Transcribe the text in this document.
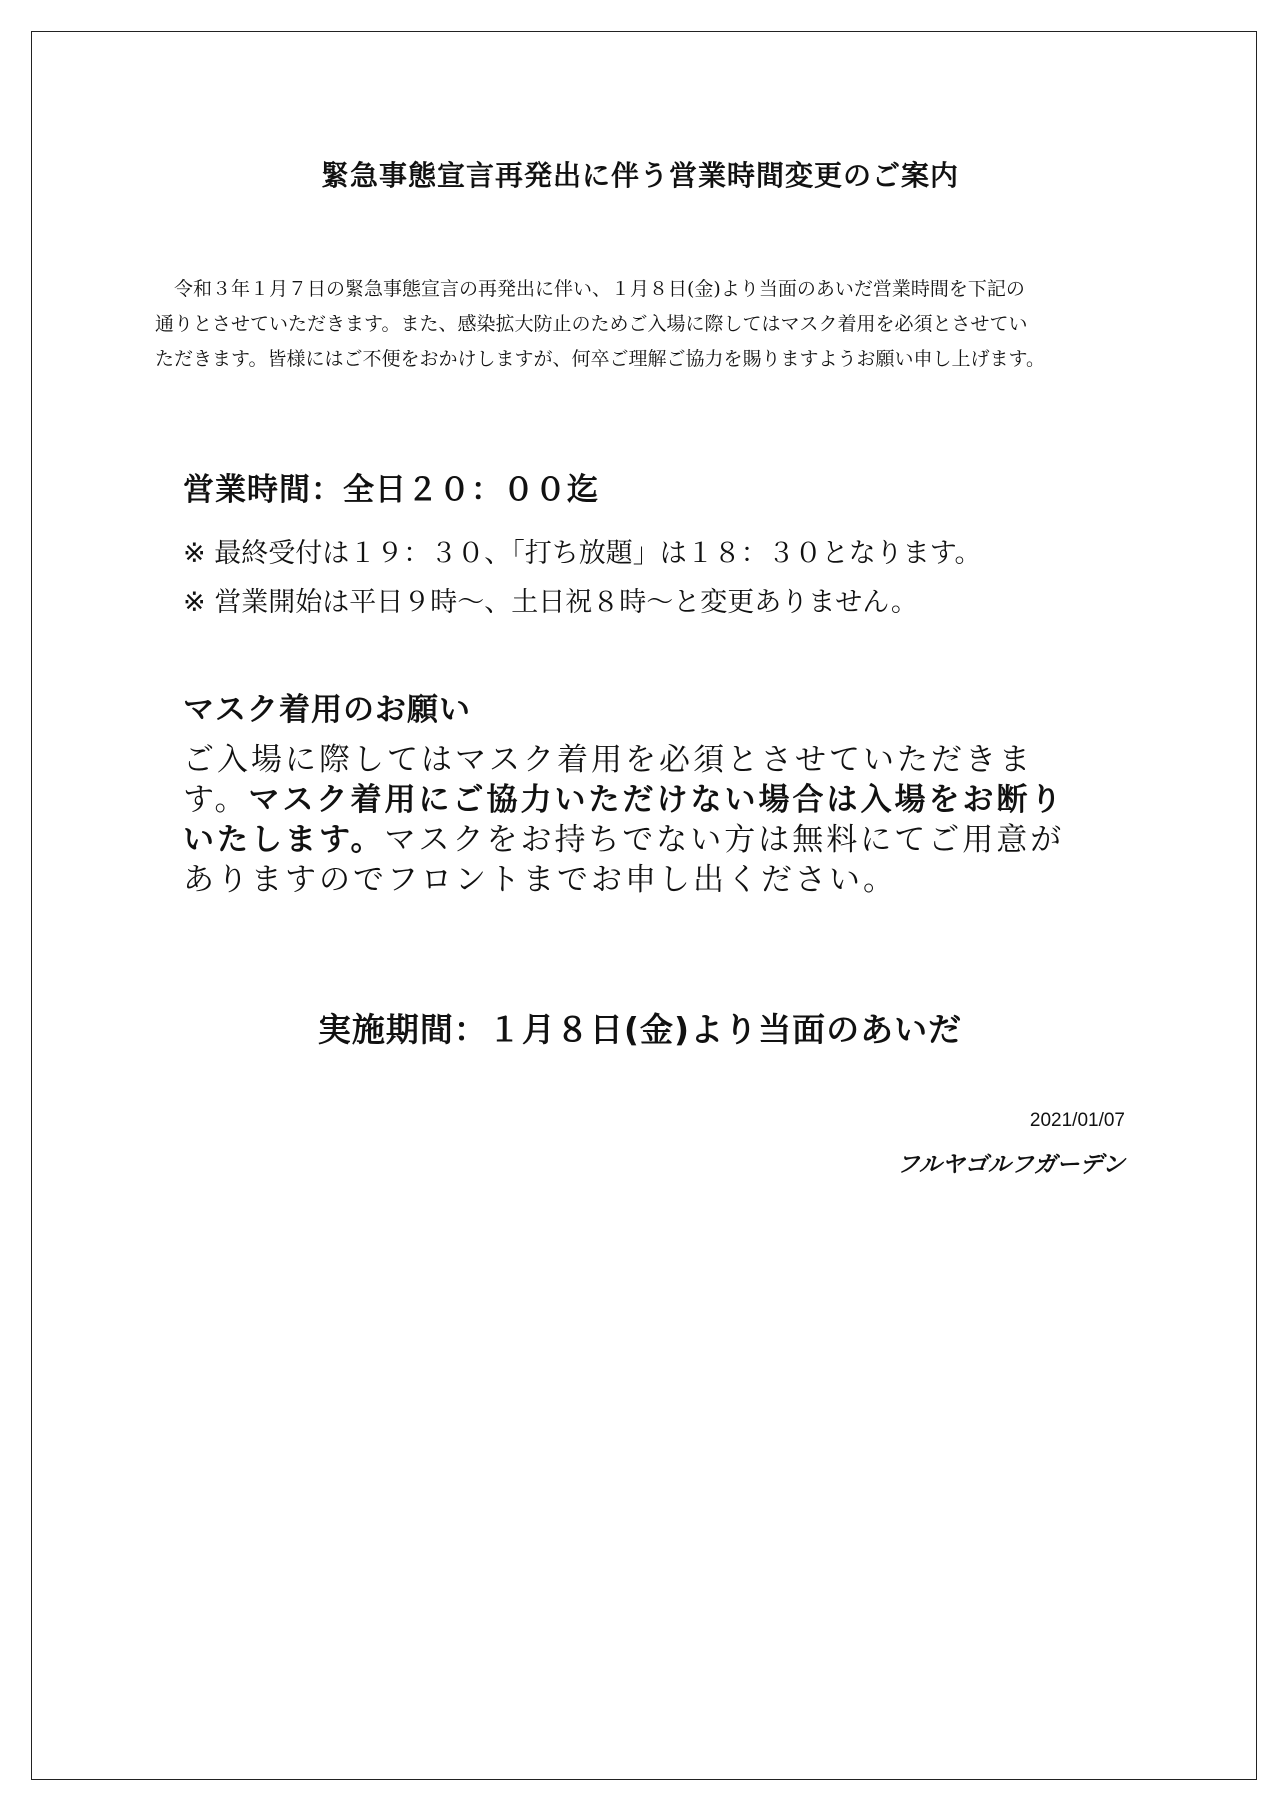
緊急事態宣言再発出に伴う営業時間変更のご案内

令和３年１月７日の緊急事態宣言の再発出に伴い、１月８日(金)より当面のあいだ営業時間を下記の

通りとさせていただきます。また、感染拡大防止のためご入場に際してはマスク着用を必須とさせてい

ただきます。皆様にはご不便をおかけしますが、何卒ご理解ご協力を賜りますようお願い申し上げます。

営業時間：全日２０：００迄
※ 最終受付は１９：３０、「打ち放題」は１８：３０となります。
※ 営業開始は平日９時〜、土日祝８時〜と変更ありません。
マスク着用のお願い

ご入場に際してはマスク着用を必須とさせていただきま

す。マスク着用にご協力いただけない場合は入場をお断り

いたします。マスクをお持ちでない方は無料にてご用意が

ありますのでフロントまでお申し出ください。

実施期間：１月８日(金)より当面のあいだ
2021/01/07
フルヤゴルフガーデン
